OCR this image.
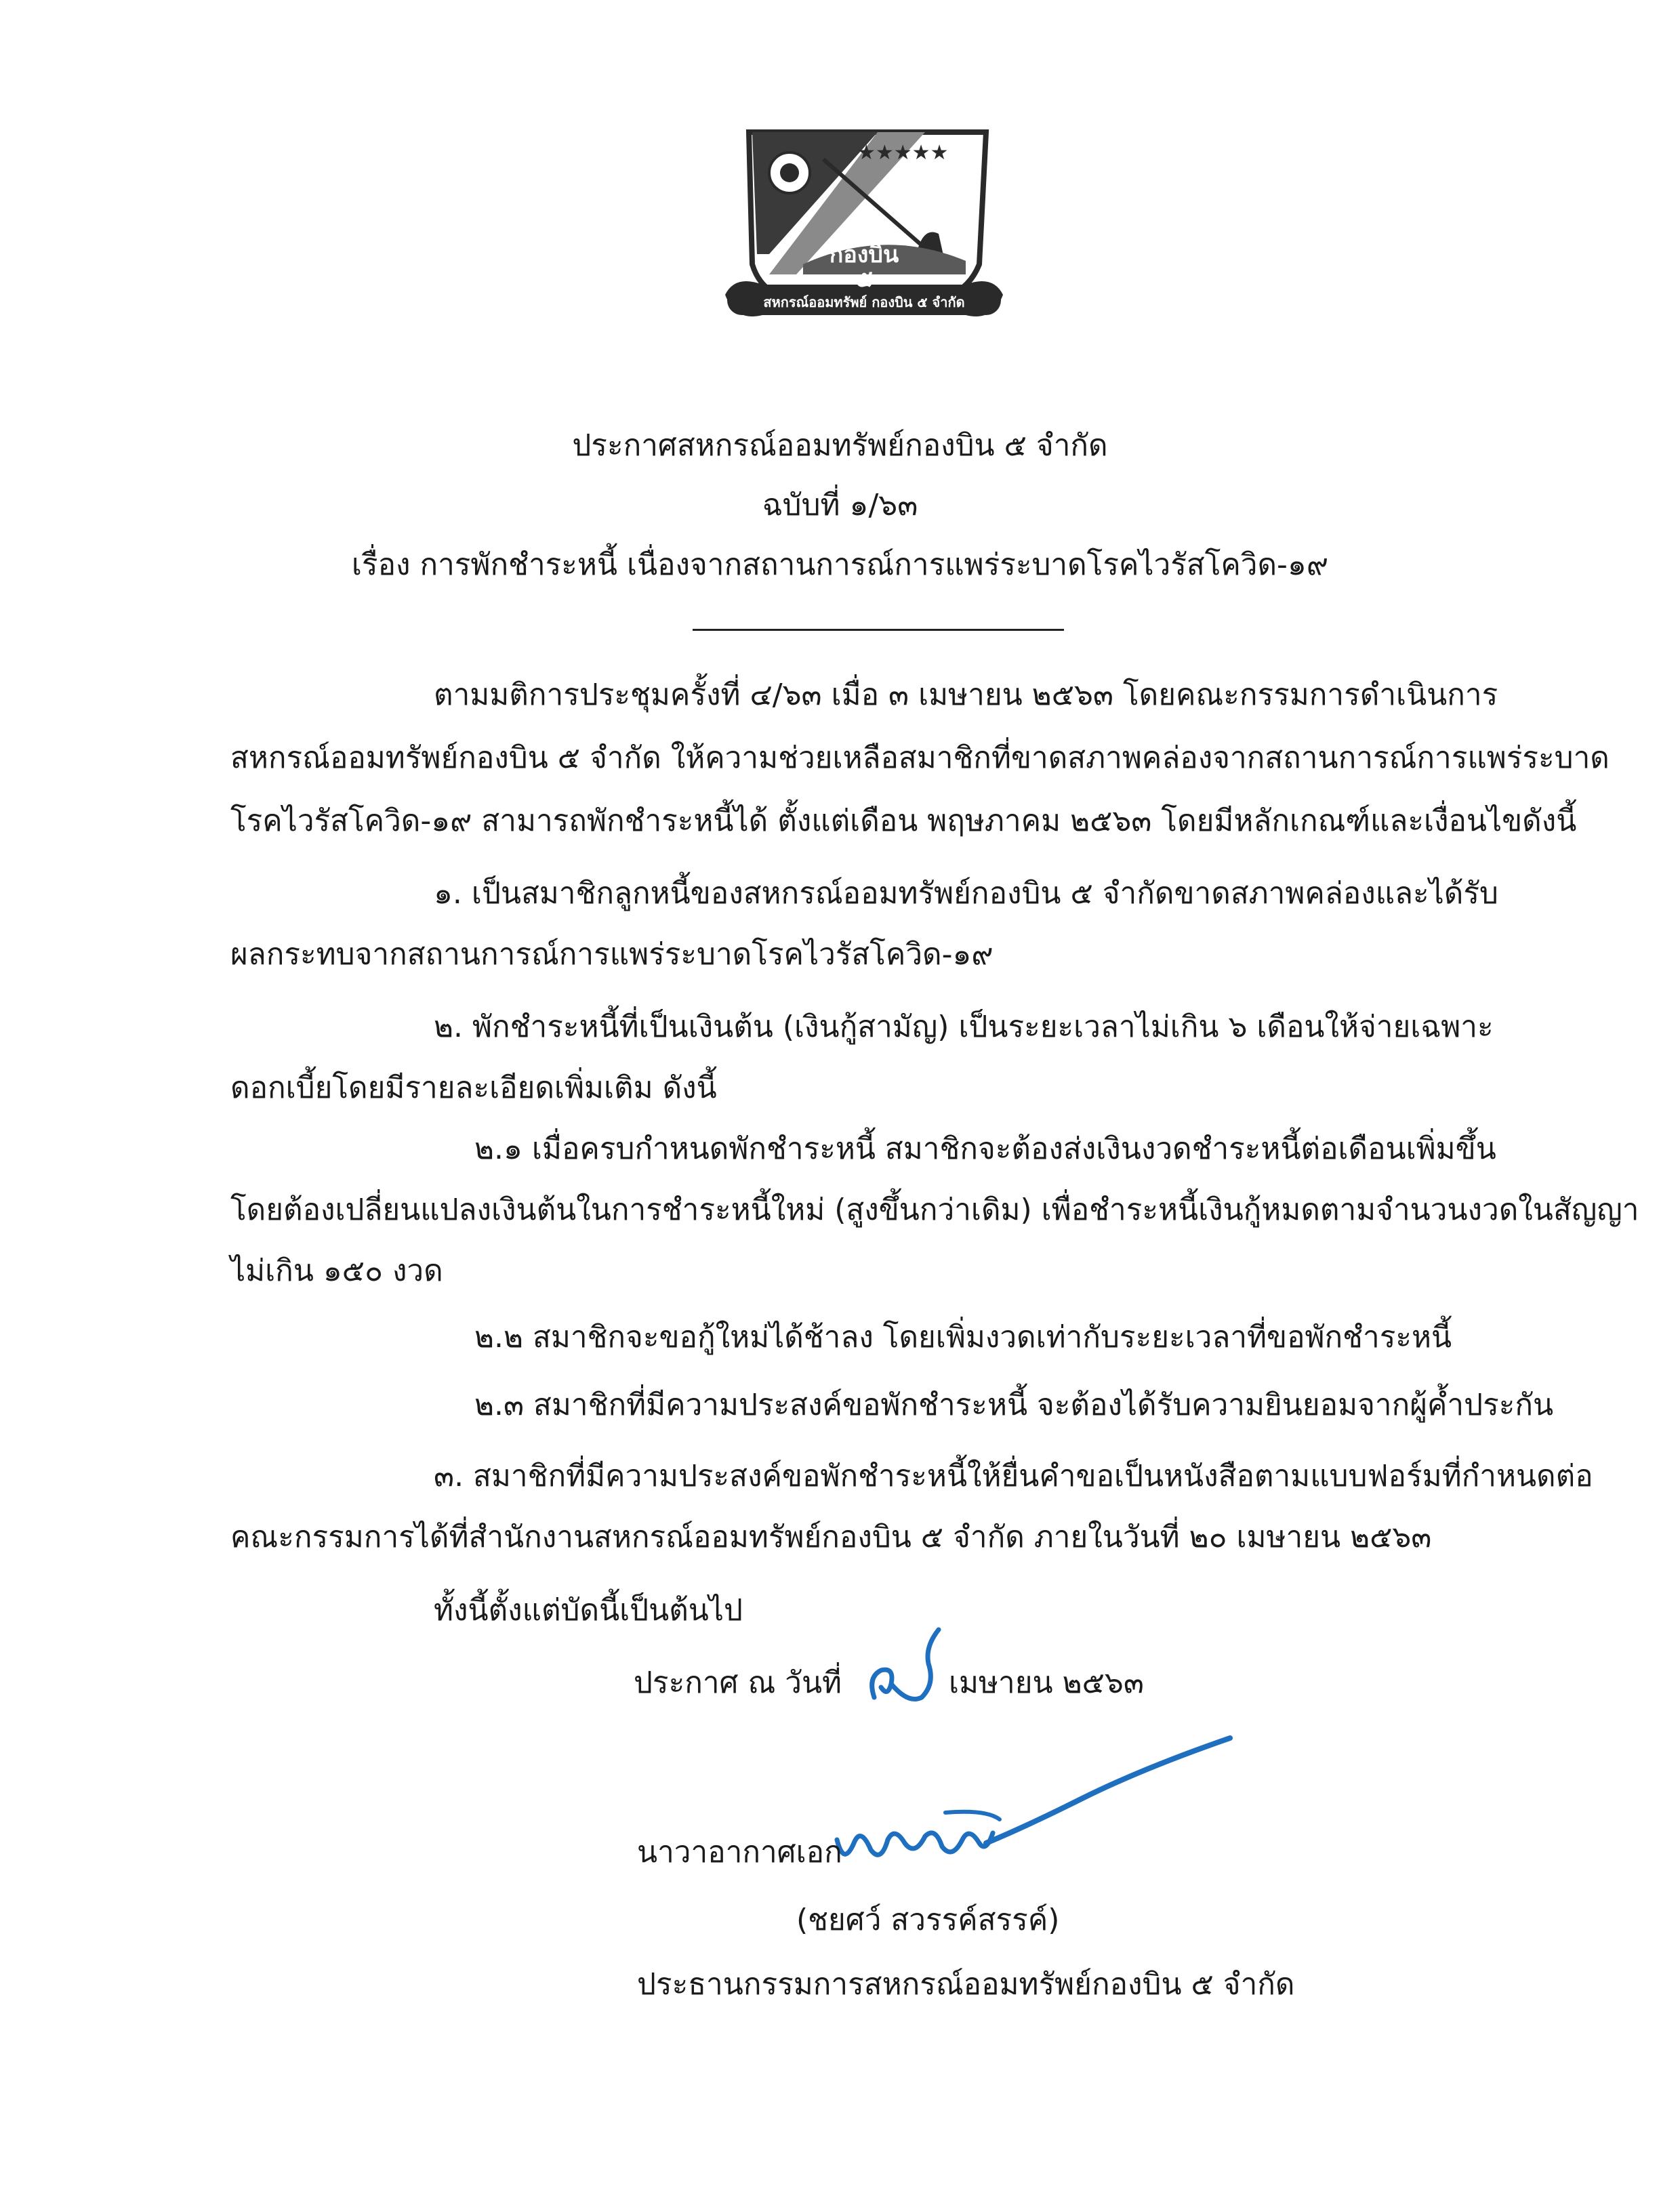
★★★★★
กองบิน
๕
สหกรณ์ออมทรัพย์ กองบิน ๕ จำกัด
ประกาศสหกรณ์ออมทรัพย์กองบิน ๕ จำกัด
ฉบับที่ ๑/๖๓
เรื่อง การพักชำระหนี้ เนื่องจากสถานการณ์การแพร่ระบาดโรคไวรัสโควิด-๑๙
ตามมติการประชุมครั้งที่ ๔/๖๓ เมื่อ ๓ เมษายน ๒๕๖๓ โดยคณะกรรมการดำเนินการ
สหกรณ์ออมทรัพย์กองบิน ๕ จำกัด ให้ความช่วยเหลือสมาชิกที่ขาดสภาพคล่องจากสถานการณ์การแพร่ระบาด
โรคไวรัสโควิด-๑๙ สามารถพักชำระหนี้ได้ ตั้งแต่เดือน พฤษภาคม ๒๕๖๓ โดยมีหลักเกณฑ์และเงื่อนไขดังนี้
๑. เป็นสมาชิกลูกหนี้ของสหกรณ์ออมทรัพย์กองบิน ๕ จำกัดขาดสภาพคล่องและได้รับ
ผลกระทบจากสถานการณ์การแพร่ระบาดโรคไวรัสโควิด-๑๙
๒. พักชำระหนี้ที่เป็นเงินต้น (เงินกู้สามัญ) เป็นระยะเวลาไม่เกิน ๖ เดือนให้จ่ายเฉพาะ
ดอกเบี้ยโดยมีรายละเอียดเพิ่มเติม ดังนี้
๒.๑ เมื่อครบกำหนดพักชำระหนี้ สมาชิกจะต้องส่งเงินงวดชำระหนี้ต่อเดือนเพิ่มขึ้น
โดยต้องเปลี่ยนแปลงเงินต้นในการชำระหนี้ใหม่ (สูงขึ้นกว่าเดิม) เพื่อชำระหนี้เงินกู้หมดตามจำนวนงวดในสัญญา
ไม่เกิน ๑๕๐ งวด
๒.๒ สมาชิกจะขอกู้ใหม่ได้ช้าลง โดยเพิ่มงวดเท่ากับระยะเวลาที่ขอพักชำระหนี้
๒.๓ สมาชิกที่มีความประสงค์ขอพักชำระหนี้ จะต้องได้รับความยินยอมจากผู้ค้ำประกัน
๓. สมาชิกที่มีความประสงค์ขอพักชำระหนี้ให้ยื่นคำขอเป็นหนังสือตามแบบฟอร์มที่กำหนดต่อ
คณะกรรมการได้ที่สำนักงานสหกรณ์ออมทรัพย์กองบิน ๕ จำกัด ภายในวันที่ ๒๐ เมษายน ๒๕๖๓
ทั้งนี้ตั้งแต่บัดนี้เป็นต้นไป
ประกาศ ณ วันที่	เมษายน ๒๕๖๓
นาวาอากาศเอก
(ชยศว์ สวรรค์สรรค์)
ประธานกรรมการสหกรณ์ออมทรัพย์กองบิน ๕ จำกัด
